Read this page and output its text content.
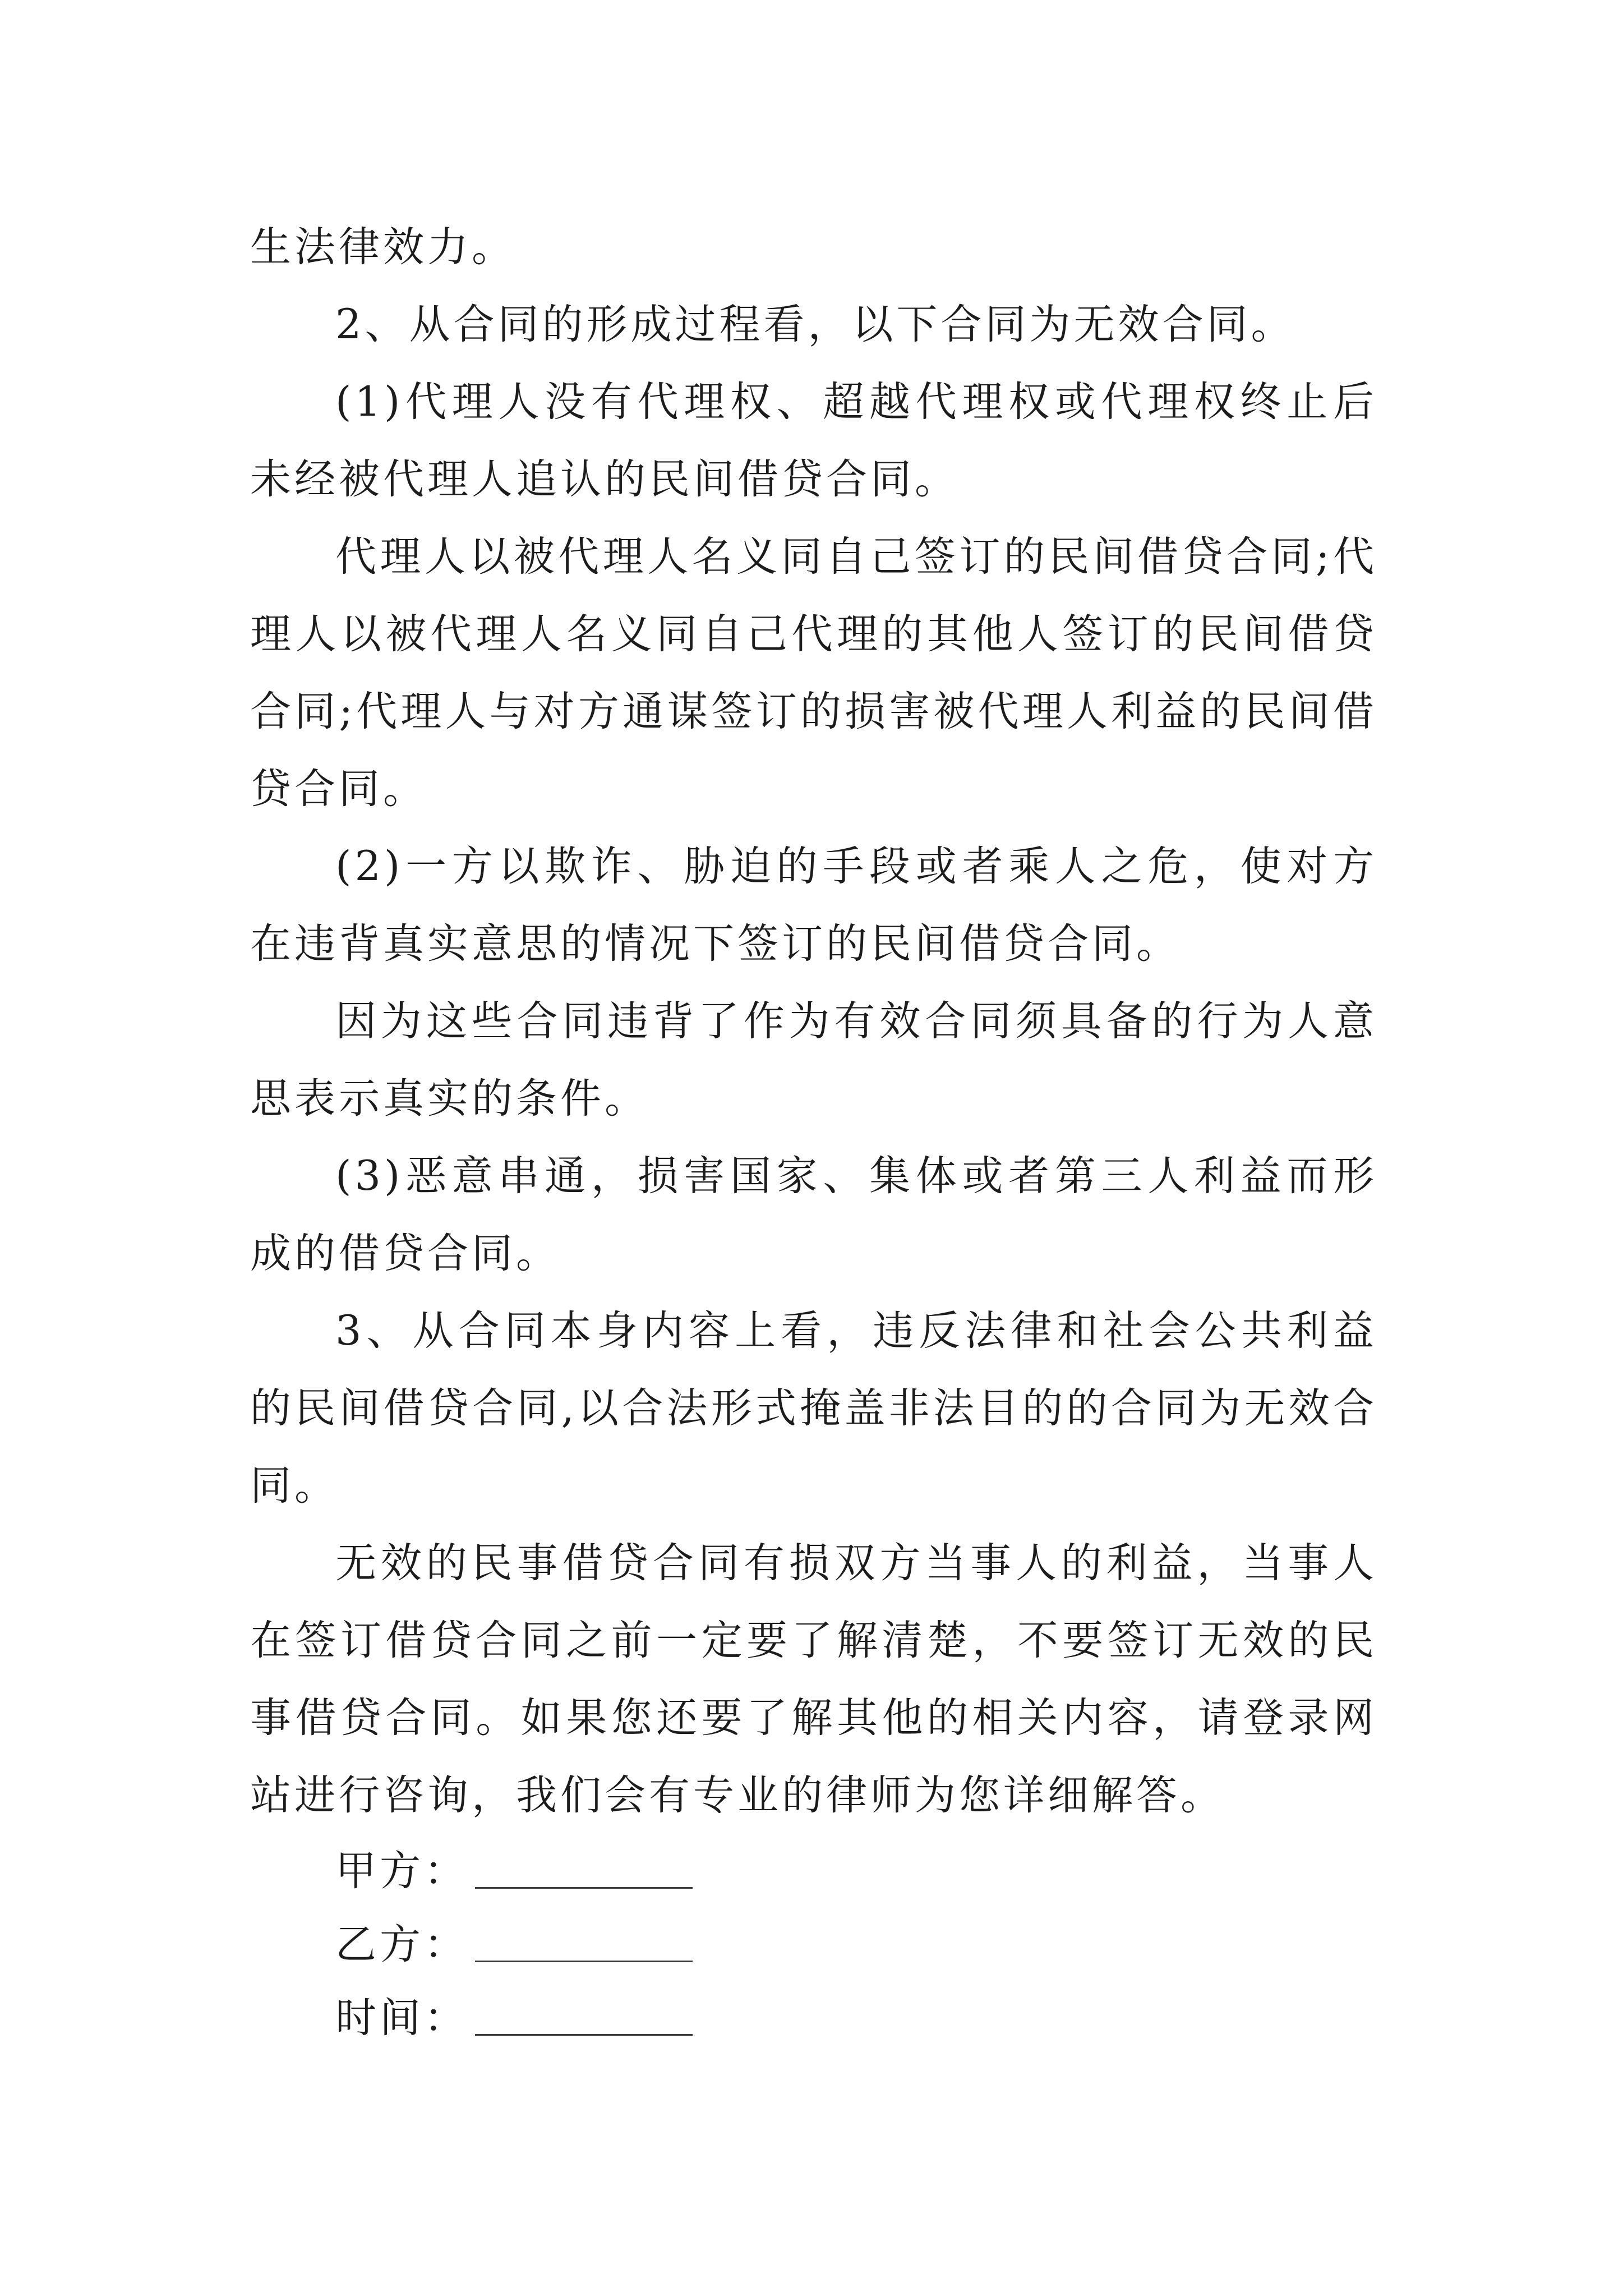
生法律效力。

2、从合同的形成过程看，以下合同为无效合同。

(1)代理人没有代理权、超越代理权或代理权终止后未经被代理人追认的民间借贷合同。

代理人以被代理人名义同自己签订的民间借贷合同;代理人以被代理人名义同自己代理的其他人签订的民间借贷合同;代理人与对方通谋签订的损害被代理人利益的民间借贷合同。

(2)一方以欺诈、胁迫的手段或者乘人之危，使对方在违背真实意思的情况下签订的民间借贷合同。

因为这些合同违背了作为有效合同须具备的行为人意思表示真实的条件。

(3)恶意串通，损害国家、集体或者第三人利益而形成的借贷合同。

3、从合同本身内容上看，违反法律和社会公共利益的民间借贷合同,以合法形式掩盖非法目的的合同为无效合同。

无效的民事借贷合同有损双方当事人的利益，当事人在签订借贷合同之前一定要了解清楚，不要签订无效的民事借贷合同。如果您还要了解其他的相关内容，请登录网站进行咨询，我们会有专业的律师为您详细解答。

甲方：
乙方：
时间：
